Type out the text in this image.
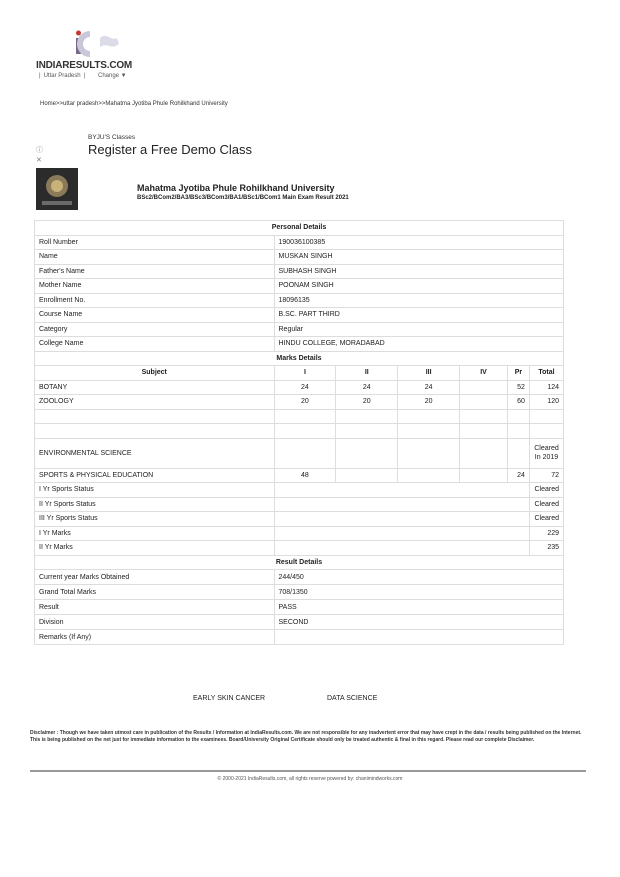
INDIARESULTS.COM
| Uttar Pradesh |	Change ▼
Home>>uttar pradesh>>Mahatma Jyotiba Phule Rohilkhand University
ⓘ
✕
BYJU'S Classes
Register a Free Demo Class
Mahatma Jyotiba Phule Rohilkhand University
BSc2/BCom2/BA3/BSc3/BCom3/BA1/BSc1/BCom1 Main Exam Result 2021
Personal Details						
Roll Number	190036100385					
Name	MUSKAN SINGH					
Father's Name	SUBHASH SINGH					
Mother Name	POONAM SINGH					
Enrollment No.	18096135					
Course Name	B.SC. PART THIRD					
Category	Regular					
College Name	HINDU COLLEGE, MORADABAD					
Marks Details						
Subject	I	II	III	IV	Pr	Total
BOTANY	24	24	24		52	124
ZOOLOGY	20	20	20		60	120

ENVIRONMENTAL SCIENCE						Cleared In 2019
SPORTS & PHYSICAL EDUCATION	48				24	72
I Yr Sports Status						Cleared
II Yr Sports Status						Cleared
III Yr Sports Status						Cleared
I Yr Marks						229
II Yr Marks						235
Result Details						
Current year Marks Obtained	244/450					
Grand Total Marks	708/1350					
Result	PASS					
Division	SECOND					
Remarks (If Any)						
EARLY SKIN CANCER	DATA SCIENCE
Disclaimer : Though we have taken utmost care in publication of the Results / Information at IndiaResults.com. We are not responsible for any inadvertent error that may have crept in the data / results being published on the Internet. This is being published on the net just for immediate information to the examinees. Board/University Original Certificate should only be treated authentic & final in this regard. Please read our complete Disclaimer.
© 2000-2021 IndiaResults.com, all rights reserve powered by: chanimindworks.com
